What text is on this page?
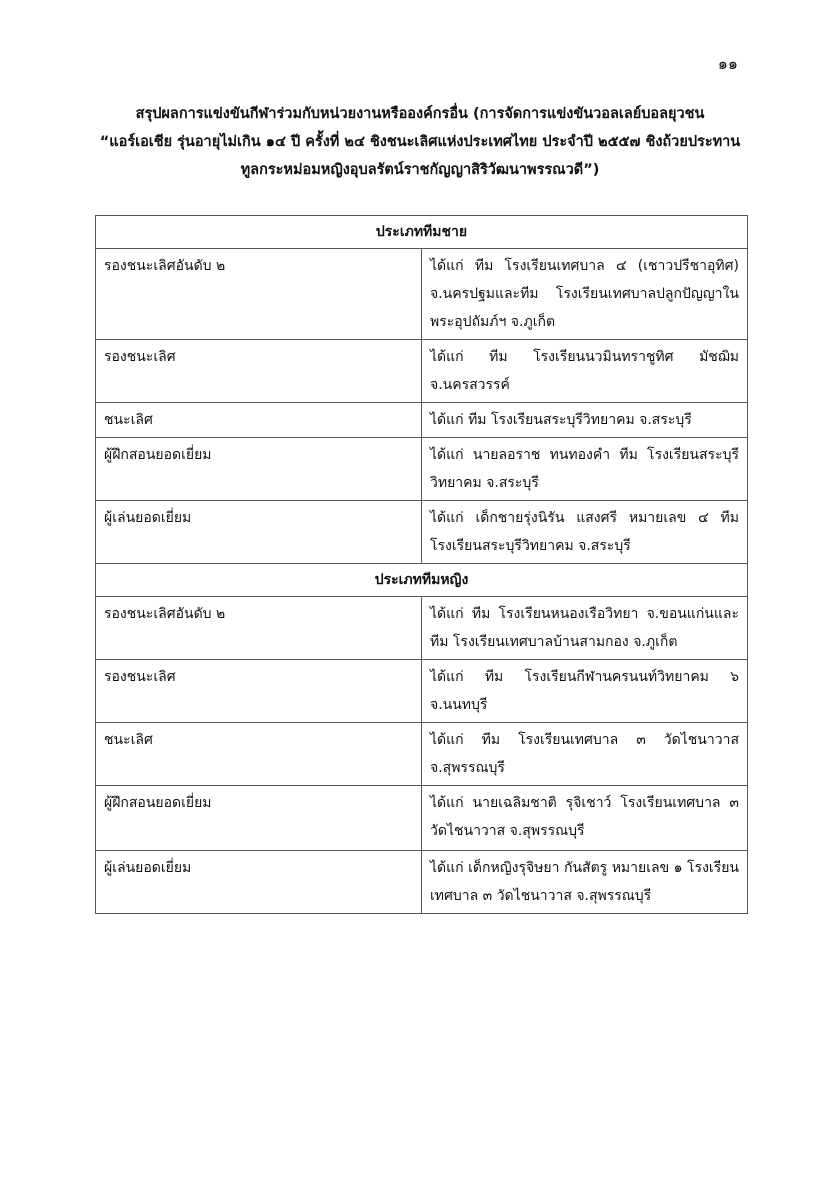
๑๑
สรุปผลการแข่งขันกีฬาร่วมกับหน่วยงานหรือองค์กรอื่น (การจัดการแข่งขันวอลเลย์บอลยุวชน
“แอร์เอเชีย รุ่นอายุไม่เกิน ๑๔ ปี ครั้งที่ ๒๔ ชิงชนะเลิศแห่งประเทศไทย ประจำปี ๒๕๕๗ ชิงถ้วยประทาน
ทูลกระหม่อมหญิงอุบลรัตน์ราชกัญญาสิริวัฒนาพรรณวดี”)
ประเภททีมชาย	
รองชนะเลิศอันดับ ๒	ได้แก่ ทีม โรงเรียนเทศบาล ๔ (เชาวปรีชาอุทิศ) จ.นครปฐมและทีม โรงเรียนเทศบาลปลูกปัญญาในพระอุปถัมภ์ฯ จ.ภูเก็ต
รองชนะเลิศ	ได้แก่ ทีม โรงเรียนนวมินทราชูทิศ มัชฌิม จ.นครสวรรค์
ชนะเลิศ	ได้แก่ ทีม โรงเรียนสระบุรีวิทยาคม จ.สระบุรี
ผู้ฝึกสอนยอดเยี่ยม	ได้แก่ นายลอราช ทนทองคำ ทีม โรงเรียนสระบุรีวิทยาคม จ.สระบุรี
ผู้เล่นยอดเยี่ยม	ได้แก่ เด็กชายรุ่งนิรัน แสงศรี หมายเลข ๔ ทีม โรงเรียนสระบุรีวิทยาคม จ.สระบุรี
ประเภททีมหญิง	
รองชนะเลิศอันดับ ๒	ได้แก่ ทีม โรงเรียนหนองเรือวิทยา จ.ขอนแก่นและทีม โรงเรียนเทศบาลบ้านสามกอง จ.ภูเก็ต
รองชนะเลิศ	ได้แก่ ทีม โรงเรียนกีฬานครนนท์วิทยาคม ๖ จ.นนทบุรี
ชนะเลิศ	ได้แก่ ทีม โรงเรียนเทศบาล ๓ วัดไชนาวาส จ.สุพรรณบุรี
ผู้ฝึกสอนยอดเยี่ยม	ได้แก่ นายเฉลิมชาติ รุจิเชาว์ โรงเรียนเทศบาล ๓ วัดไชนาวาส จ.สุพรรณบุรี
ผู้เล่นยอดเยี่ยม	ได้แก่ เด็กหญิงรุจิษยา กันสัตรู หมายเลข ๑ โรงเรียนเทศบาล ๓ วัดไชนาวาส จ.สุพรรณบุรี
